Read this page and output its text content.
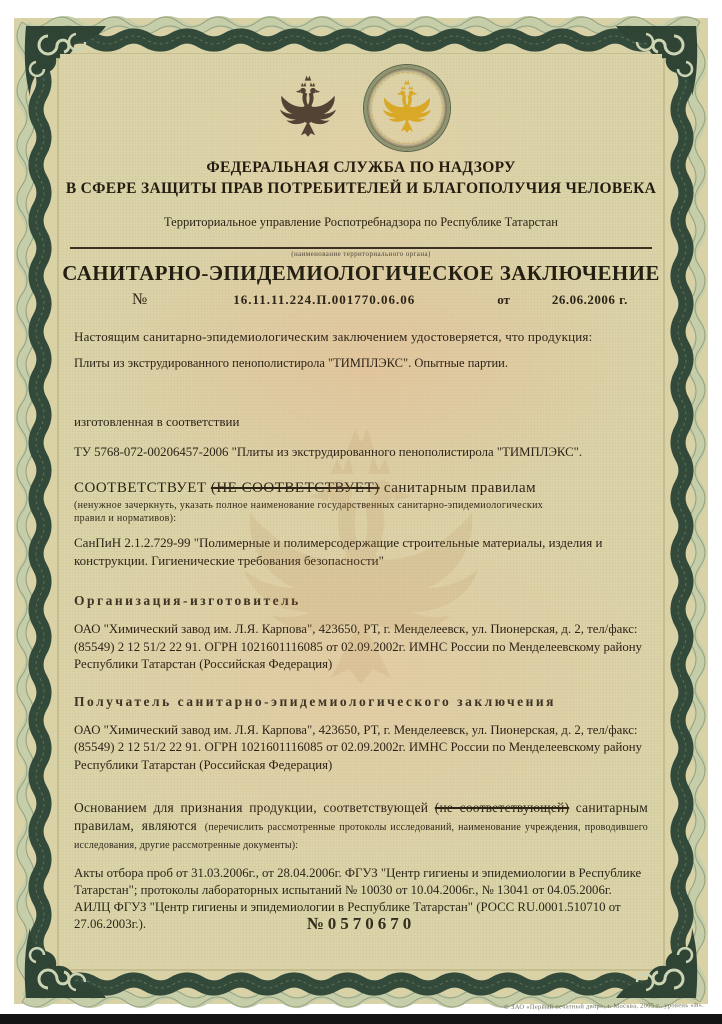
ФЕДЕРАЛЬНАЯ СЛУЖБА ПО НАДЗОРУ
В СФЕРЕ ЗАЩИТЫ ПРАВ ПОТРЕБИТЕЛЕЙ И БЛАГОПОЛУЧИЯ ЧЕЛОВЕКА
Территориальное управление Роспотребнадзора по Республике Татарстан
(наименование территориального органа)
САНИТАРНО-ЭПИДЕМИОЛОГИЧЕСКОЕ ЗАКЛЮЧЕНИЕ
№	16.11.11.224.П.001770.06.06	от	26.06.2006 г.
Настоящим санитарно-эпидемиологическим заключением удостоверяется, что продукция:
Плиты из экструдированного пенополистирола "ТИМПЛЭКС". Опытные партии.
изготовленная в соответствии
ТУ 5768-072-00206457-2006 "Плиты из экструдированного пенополистирола "ТИМПЛЭКС".
СООТВЕТСТВУЕТ (НЕ СООТВЕТСТВУЕТ) санитарным правилам
(ненужное зачеркнуть, указать полное наименование государственных санитарно-эпидемиологических правил и нормативов):
СанПиН 2.1.2.729-99 "Полимерные и полимерсодержащие строительные материалы, изделия и конструкции. Гигиенические требования безопасности"
Организация-изготовитель
ОАО "Химический завод им. Л.Я. Карпова", 423650, РТ, г. Менделеевск, ул. Пионерская, д. 2, тел/факс: (85549) 2 12 51/2 22 91. ОГРН 1021601116085 от 02.09.2002г. ИМНС России по Менделеевскому району Республики Татарстан (Российская Федерация)
Получатель санитарно-эпидемиологического заключения
ОАО "Химический завод им. Л.Я. Карпова", 423650, РТ, г. Менделеевск, ул. Пионерская, д. 2, тел/факс: (85549) 2 12 51/2 22 91. ОГРН 1021601116085 от 02.09.2002г. ИМНС России по Менделеевскому району Республики Татарстан (Российская Федерация)
Основанием для признания продукции, соответствующей (не соответствующей) санитарным правилам, являются (перечислить рассмотренные протоколы исследований, наименование учреждения, проводившего исследования, другие рассмотренные документы):
Акты отбора проб от 31.03.2006г., от 28.04.2006г. ФГУЗ "Центр гигиены и эпидемиологии в Республике Татарстан"; протоколы лабораторных испытаний № 10030 от 10.04.2006г., № 13041 от 04.05.2006г. АИЛЦ ФГУЗ "Центр гигиены и эпидемиологии в Республике Татарстан" (РОСС RU.0001.510710 от 27.06.2003г.).	№0570670
© ЗАО «Первый печатный двор», г. Москва, 2005 г., уровень «В».
